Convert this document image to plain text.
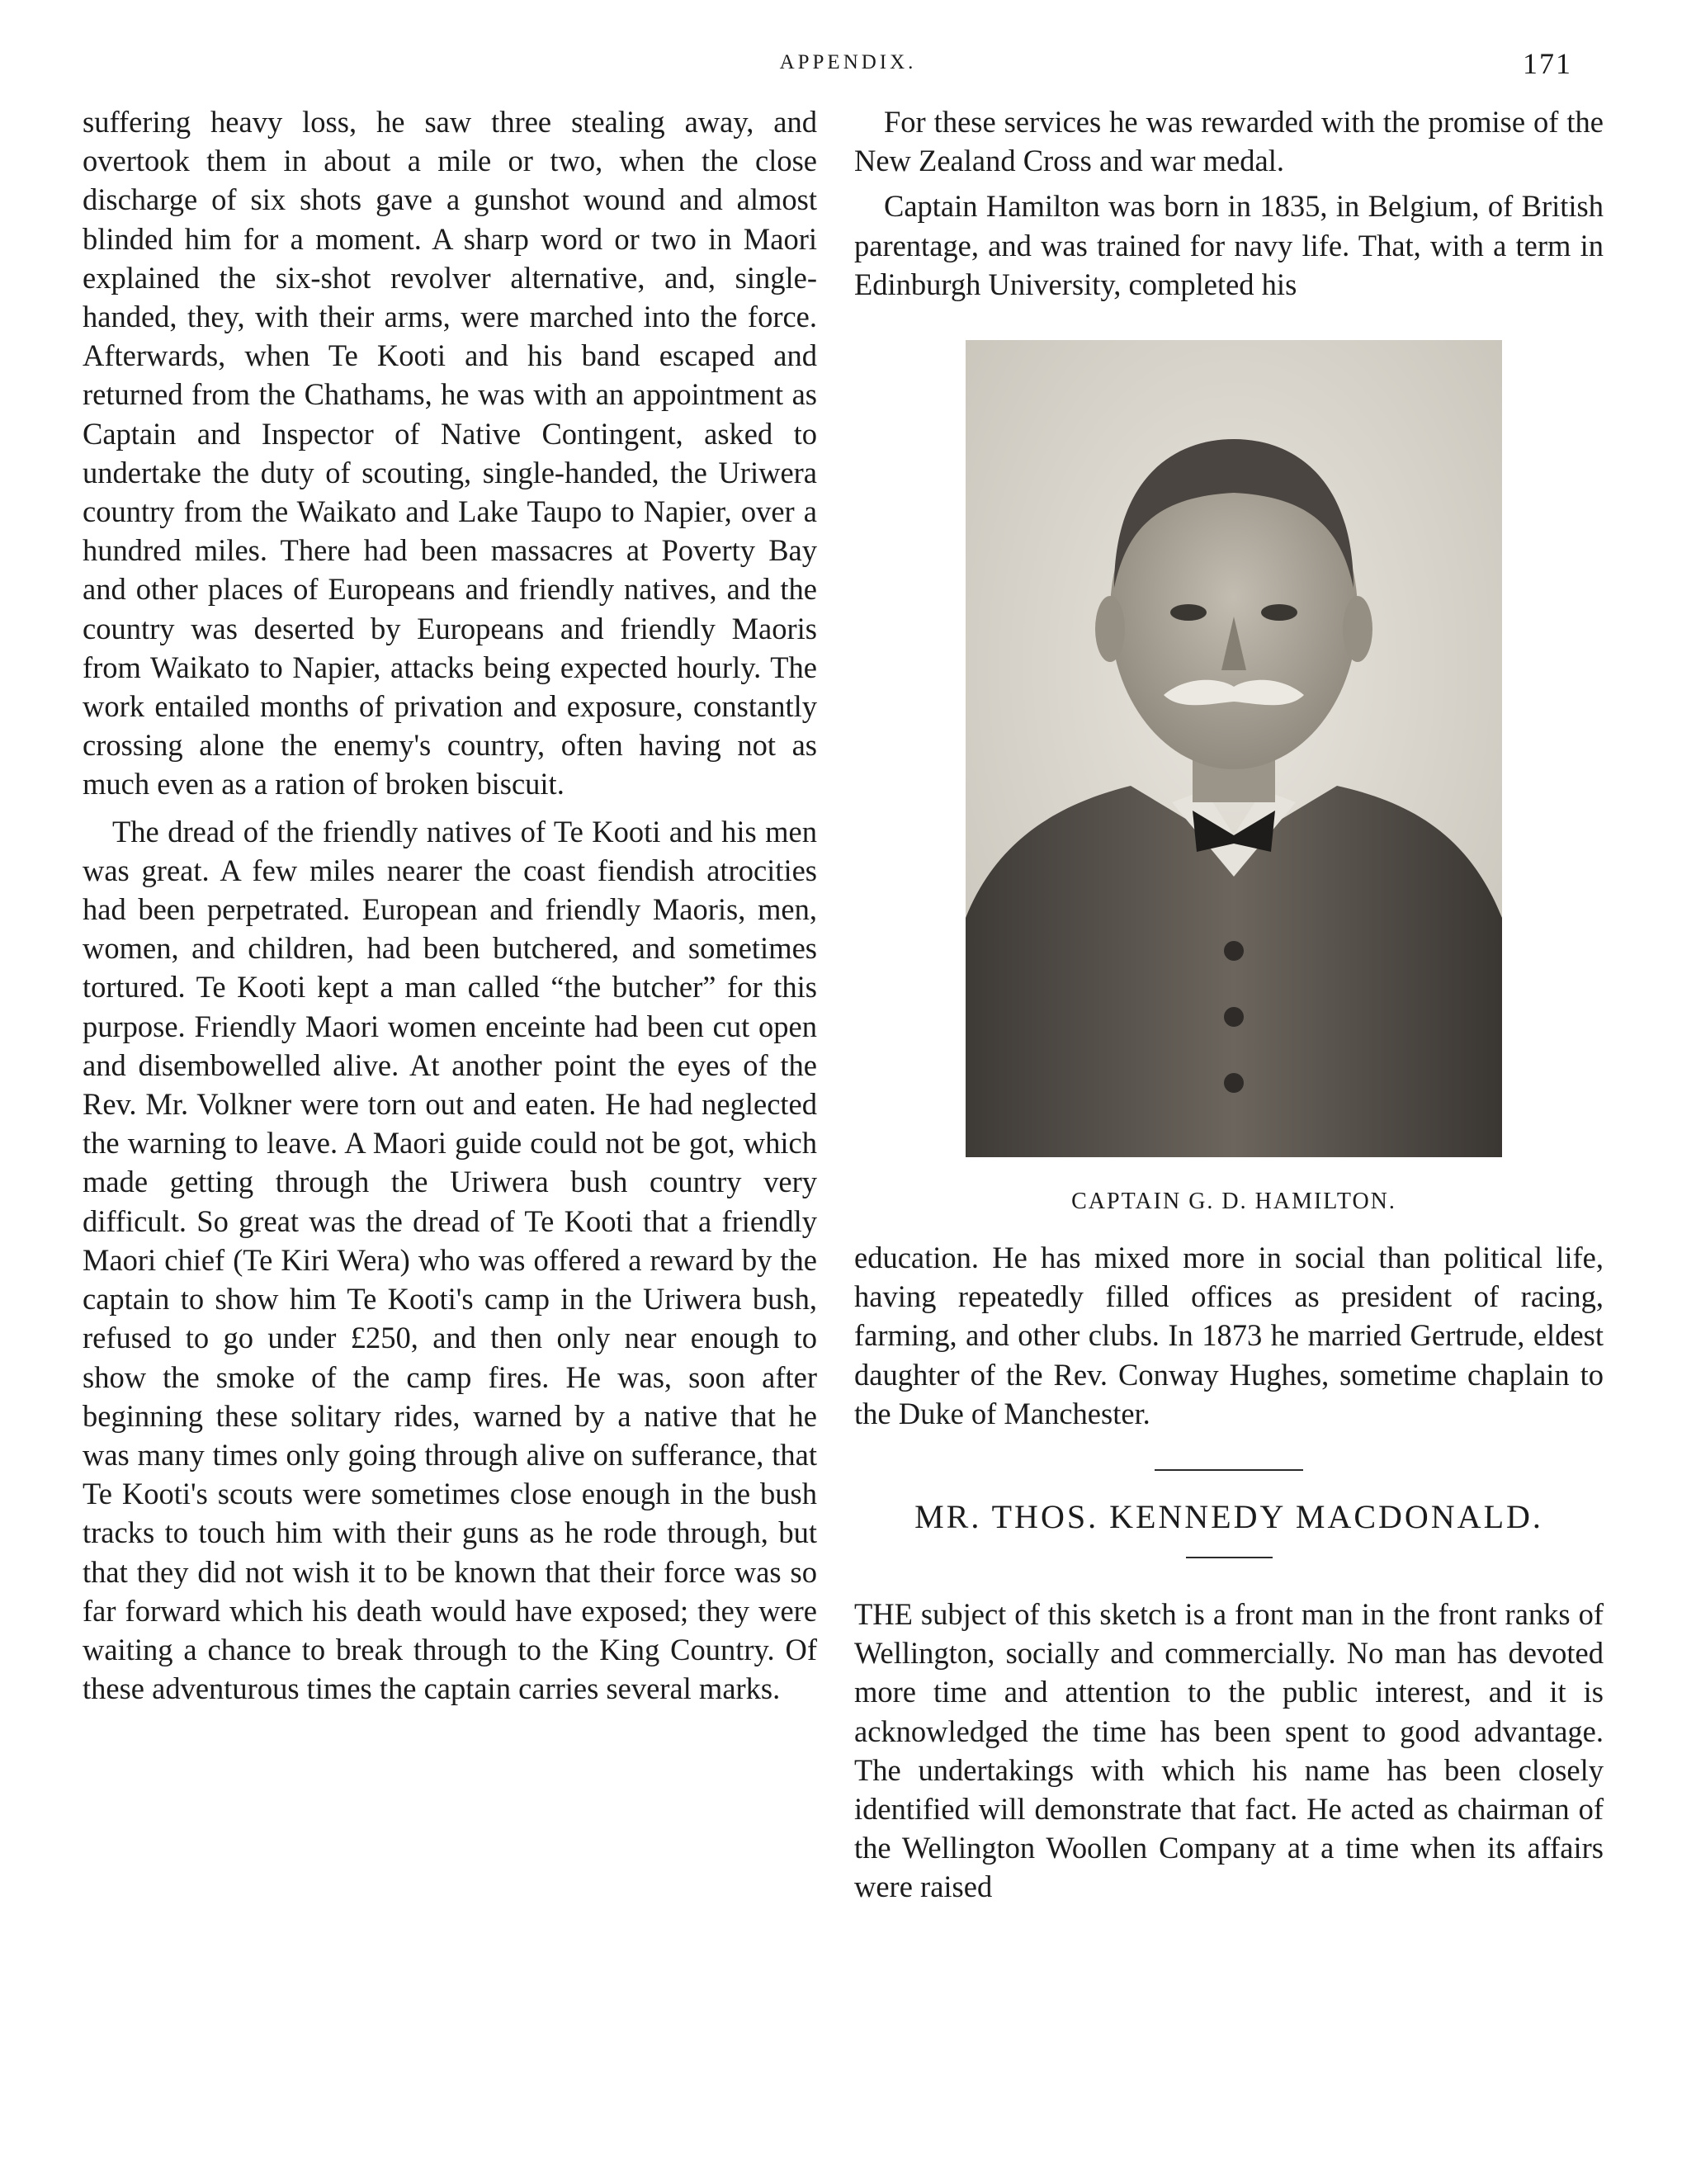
APPENDIX.	171

suffering heavy loss, he saw three stealing away, and overtook them in about a mile or two, when the close discharge of six shots gave a gunshot wound and almost blinded him for a moment. A sharp word or two in Maori explained the six-shot revolver alternative, and, single-handed, they, with their arms, were marched into the force. Afterwards, when Te Kooti and his band escaped and returned from the Chathams, he was with an appointment as Captain and Inspector of Native Contingent, asked to undertake the duty of scouting, single-handed, the Uriwera country from the Waikato and Lake Taupo to Napier, over a hundred miles. There had been massacres at Poverty Bay and other places of Europeans and friendly natives, and the country was deserted by Europeans and friendly Maoris from Waikato to Napier, attacks being expected hourly. The work entailed months of privation and exposure, constantly crossing alone the enemy's country, often having not as much even as a ration of broken biscuit.

The dread of the friendly natives of Te Kooti and his men was great. A few miles nearer the coast fiendish atrocities had been perpetrated. European and friendly Maoris, men, women, and children, had been butchered, and sometimes tortured. Te Kooti kept a man called “the butcher” for this purpose. Friendly Maori women enceinte had been cut open and disembowelled alive. At another point the eyes of the Rev. Mr. Volkner were torn out and eaten. He had neglected the warning to leave. A Maori guide could not be got, which made getting through the Uriwera bush country very difficult. So great was the dread of Te Kooti that a friendly Maori chief (Te Kiri Wera) who was offered a reward by the captain to show him Te Kooti's camp in the Uriwera bush, refused to go under £250, and then only near enough to show the smoke of the camp fires. He was, soon after beginning these solitary rides, warned by a native that he was many times only going through alive on sufferance, that Te Kooti's scouts were sometimes close enough in the bush tracks to touch him with their guns as he rode through, but that they did not wish it to be known that their force was so far forward which his death would have exposed; they were waiting a chance to break through to the King Country. Of these adventurous times the captain carries several marks.

For these services he was rewarded with the promise of the New Zealand Cross and war medal.

Captain Hamilton was born in 1835, in Belgium, of British parentage, and was trained for navy life. That, with a term in Edinburgh University, completed his

CAPTAIN G. D. HAMILTON.

education. He has mixed more in social than political life, having repeatedly filled offices as president of racing, farming, and other clubs. In 1873 he married Gertrude, eldest daughter of the Rev. Conway Hughes, sometime chaplain to the Duke of Manchester.

MR. THOS. KENNEDY MACDONALD.

THE subject of this sketch is a front man in the front ranks of Wellington, socially and commercially. No man has devoted more time and attention to the public interest, and it is acknowledged the time has been spent to good advantage. The undertakings with which his name has been closely identified will demonstrate that fact. He acted as chairman of the Wellington Woollen Company at a time when its affairs were raised
